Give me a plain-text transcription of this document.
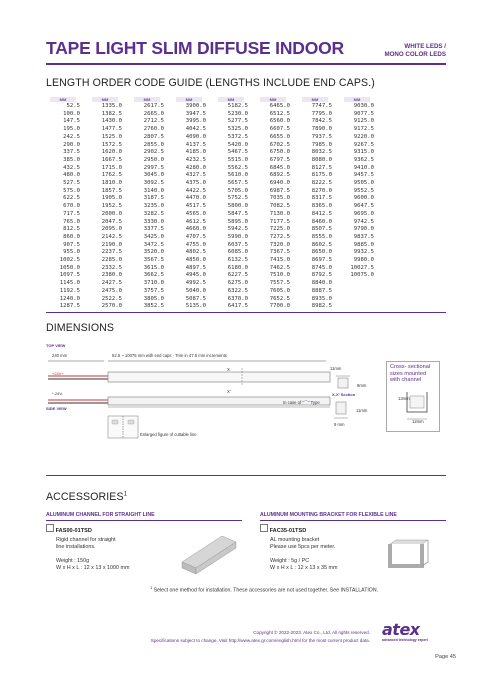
TAPE LIGHT SLIM DIFFUSE INDOOR	WHITE LEDS /
MONO COLOR LEDS
LENGTH ORDER CODE GUIDE (LENGTHS INCLUDE END CAPS.)
MM		MM		MM		MM		MM		MM		MM		MM

52.5		1335.0		2617.5		3900.0		5182.5		6465.0		7747.5		9030.0
100.0		1382.5		2665.0		3947.5		5230.0		6512.5		7795.0		9077.5
147.5		1430.0		2712.5		3995.0		5277.5		6560.0		7842.5		9125.0
195.0		1477.5		2760.0		4042.5		5325.0		6607.5		7890.0		9172.5
242.5		1525.0		2807.5		4090.0		5372.5		6655.0		7937.5		9220.0
290.0		1572.5		2855.0		4137.5		5420.0		6702.5		7985.0		9267.5
337.5		1620.0		2902.5		4185.0		5467.5		6750.0		8032.5		9315.0
385.0		1667.5		2950.0		4232.5		5515.0		6797.5		8080.0		9362.5
432.5		1715.0		2997.5		4280.0		5562.5		6845.0		8127.5		9410.0
480.0		1762.5		3045.0		4327.5		5610.0		6892.5		8175.0		9457.5
527.5		1810.0		3092.5		4375.0		5657.5		6940.0		8222.5		9505.0
575.0		1857.5		3140.0		4422.5		5705.0		6987.5		8270.0		9552.5
622.5		1905.0		3187.5		4470.0		5752.5		7035.0		8317.5		9600.0
670.0		1952.5		3235.0		4517.5		5800.0		7082.5		8365.0		9647.5
717.5		2000.0		3282.5		4565.0		5847.5		7130.0		8412.5		9695.0
765.0		2047.5		3330.0		4612.5		5895.0		7177.5		8460.0		9742.5
812.5		2095.0		3377.5		4660.0		5942.5		7225.0		8507.5		9790.0
860.0		2142.5		3425.0		4707.5		5990.0		7272.5		8555.0		9837.5
907.5		2190.0		3472.5		4755.0		6037.5		7320.0		8602.5		9885.0
955.0		2237.5		3520.0		4802.5		6085.0		7367.5		8650.0		9932.5
1002.5		2285.0		3567.5		4850.0		6132.5		7415.0		8697.5		9980.0
1050.0		2332.5		3615.0		4897.5		6180.0		7462.5		8745.0		10027.5
1097.5		2380.0		3662.5		4945.0		6227.5		7510.0		8792.5		10075.0
1145.0		2427.5		3710.0		4992.5		6275.0		7557.5		8840.0		
1192.5		2475.0		3757.5		5040.0		6322.5		7605.0		8887.5		
1240.0		2522.5		3805.0		5087.5		6370.0		7652.5		8935.0		
1287.5		2570.0		3852.5		5135.0		6417.5		7700.0		8982.5		
DIMENSIONS
TOP VIEW
240 mm	52.5 ~ 10075 mm with end caps · Trim in 47.5 mm increments
+24V+
*-24V-
X
X'
11mm
9mm
X-X' Section
SIDE VIEW
In case of "⌒" Type
11mm
9 mm
Enlarged figure of cuttable line
Cross- sectional
sizes mounted
with channel
13mm
12mm
ACCESSORIES$^1$
ALUMINUM CHANNEL FOR STRAIGHT LINE
FAS00-01TSD
Rigid channel for straight
line installations.
Weight : 150g
W x H x L : 12 x 13 x 1000 mm
ALUMINUM MOUNTING BRACKET FOR FLEXIBLE LINE
FAC35-01TSD
AL mounting bracket
Please use 5pcs per meter.
Weight : 5g / PC
W x H x L : 12 x 13 x 35 mm
$^1$ Select one method for installation. These accessories are not used together. See INSTALLATION.
Copyright © 2022-2023. Atex Co., Ltd. All rights reserved.
Specifications subject to change. Visit http://www.atex.gr.com/english.html for the most current product data.
atex
advanced technology expert
Page 45
